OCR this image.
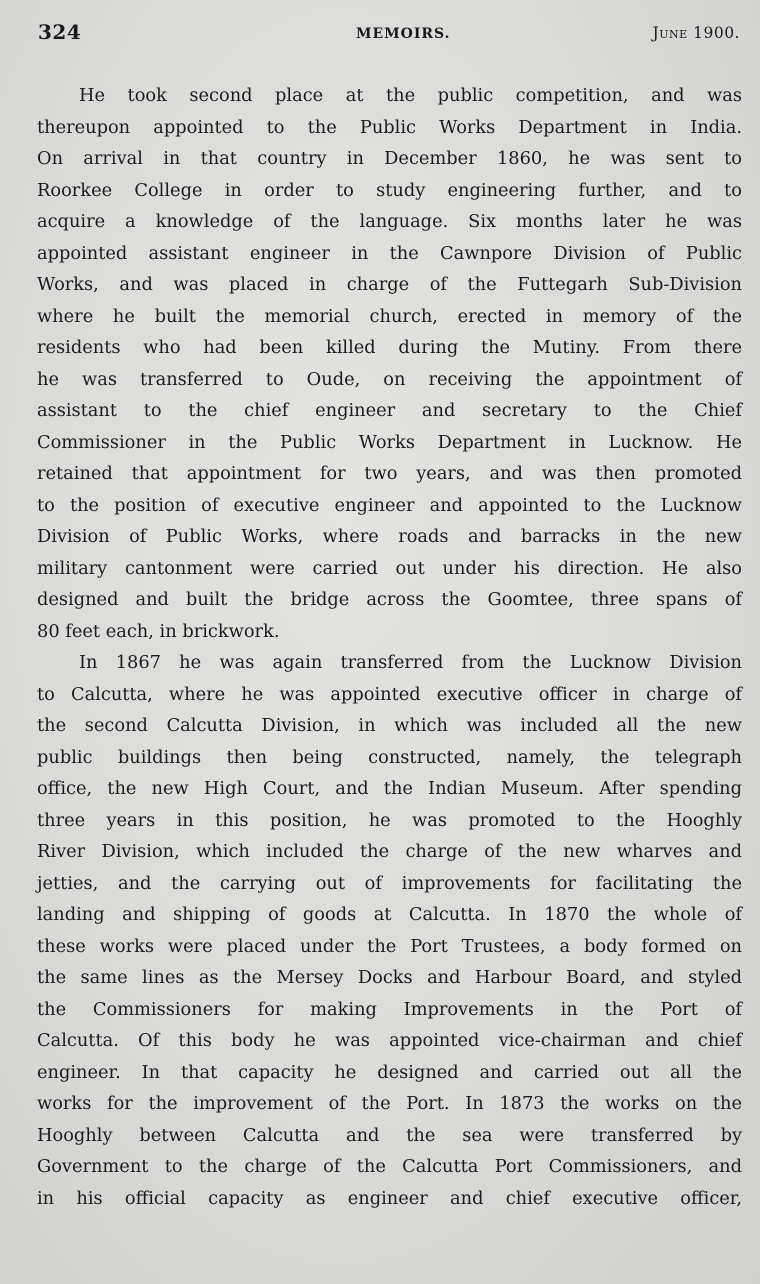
324	MEMOIRS.	June 1900.
He took second place at the public competition, and was
thereupon appointed to the Public Works Department in India.
On arrival in that country in December 1860, he was sent to
Roorkee College in order to study engineering further, and to
acquire a knowledge of the language. Six months later he was
appointed assistant engineer in the Cawnpore Division of Public
Works, and was placed in charge of the Futtegarh Sub-Division
where he built the memorial church, erected in memory of the
residents who had been killed during the Mutiny. From there
he was transferred to Oude, on receiving the appointment of
assistant to the chief engineer and secretary to the Chief
Commissioner in the Public Works Department in Lucknow. He
retained that appointment for two years, and was then promoted
to the position of executive engineer and appointed to the Lucknow
Division of Public Works, where roads and barracks in the new
military cantonment were carried out under his direction. He also
designed and built the bridge across the Goomtee, three spans of
80 feet each, in brickwork.
In 1867 he was again transferred from the Lucknow Division
to Calcutta, where he was appointed executive officer in charge of
the second Calcutta Division, in which was included all the new
public buildings then being constructed, namely, the telegraph
office, the new High Court, and the Indian Museum. After spending
three years in this position, he was promoted to the Hooghly
River Division, which included the charge of the new wharves and
jetties, and the carrying out of improvements for facilitating the
landing and shipping of goods at Calcutta. In 1870 the whole of
these works were placed under the Port Trustees, a body formed on
the same lines as the Mersey Docks and Harbour Board, and styled
the Commissioners for making Improvements in the Port of
Calcutta. Of this body he was appointed vice-chairman and chief
engineer. In that capacity he designed and carried out all the
works for the improvement of the Port. In 1873 the works on the
Hooghly between Calcutta and the sea were transferred by
Government to the charge of the Calcutta Port Commissioners, and
in his official capacity as engineer and chief executive officer,
